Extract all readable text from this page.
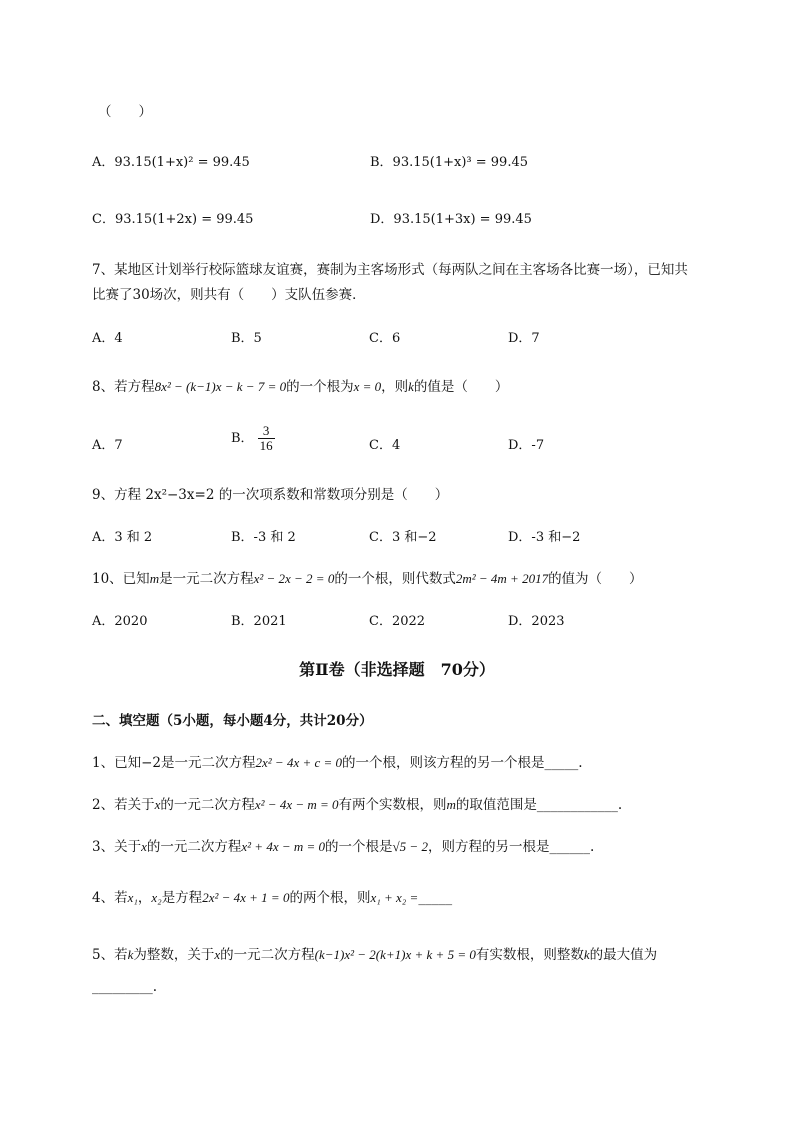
（　　）
A．93.15(1+x)² = 99.45	B．93.15(1+x)³ = 99.45
C．93.15(1+2x) = 99.45	D．93.15(1+3x) = 99.45
7、某地区计划举行校际篮球友谊赛，赛制为主客场形式（每两队之间在主客场各比赛一场），已知共
比赛了30场次，则共有（　　）支队伍参赛．
A．4	B．5	C．6	D．7
8、若方程8x² − (k−1)x − k − 7 = 0的一个根为x = 0，则k的值是（　　）
A．7	B． $\frac{3}{16}$	C．4	D．-7
9、方程 2x²−3x=2 的一次项系数和常数项分别是（　　）
A．3 和 2	B．-3 和 2	C．3 和−2	D．-3 和−2
10、已知m是一元二次方程x² − 2x − 2 = 0的一个根，则代数式2m² − 4m + 2017的值为（　　）
A．2020	B．2021	C．2022	D．2023
第Ⅱ卷（非选择题　70分）
二、填空题（5小题，每小题4分，共计20分）
1、已知−2是一元二次方程2x² − 4x + c = 0的一个根，则该方程的另一个根是_____.
2、若关于x的一元二次方程x² − 4x − m = 0有两个实数根，则m的取值范围是____________.
3、关于x的一元二次方程x² + 4x − m = 0的一个根是√5 − 2，则方程的另一根是______.
4、若x₁，x₂是方程2x² − 4x + 1 = 0的两个根，则x₁ + x₂ =_____
5、若k为整数，关于x的一元二次方程(k−1)x² − 2(k+1)x + k + 5 = 0有实数根，则整数k的最大值为
_________.
